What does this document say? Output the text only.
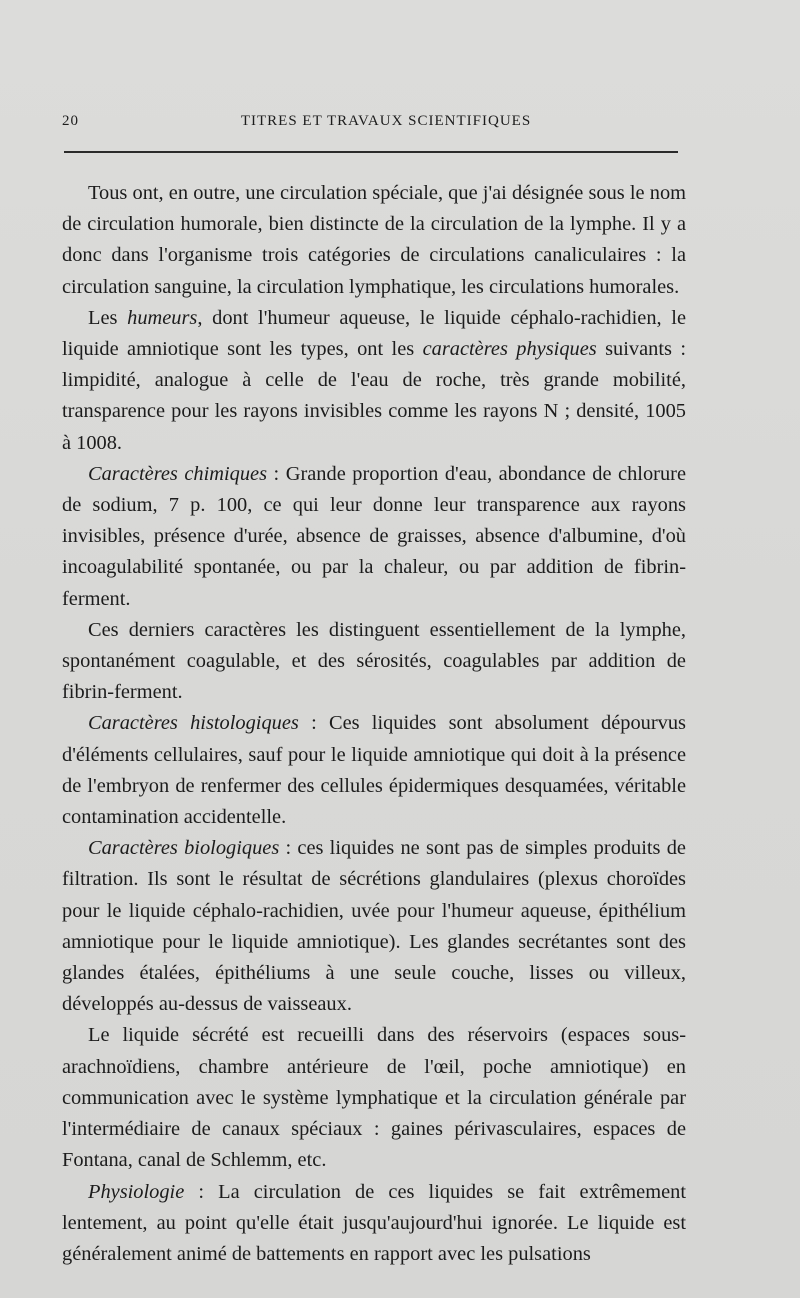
20	TITRES ET TRAVAUX SCIENTIFIQUES

Tous ont, en outre, une circulation spéciale, que j'ai désignée sous le nom de circulation humorale, bien distincte de la circulation de la lymphe. Il y a donc dans l'organisme trois catégories de circulations canaliculaires : la circulation sanguine, la circulation lymphatique, les circulations humorales.

Les humeurs, dont l'humeur aqueuse, le liquide céphalo-rachidien, le liquide amniotique sont les types, ont les caractères physiques suivants : limpidité, analogue à celle de l'eau de roche, très grande mobilité, transparence pour les rayons invisibles comme les rayons N ; densité, 1005 à 1008.

Caractères chimiques : Grande proportion d'eau, abondance de chlorure de sodium, 7 p. 100, ce qui leur donne leur transparence aux rayons invisibles, présence d'urée, absence de graisses, absence d'albumine, d'où incoagulabilité spontanée, ou par la chaleur, ou par addition de fibrin-ferment.

Ces derniers caractères les distinguent essentiellement de la lymphe, spontanément coagulable, et des sérosités, coagulables par addition de fibrin-ferment.

Caractères histologiques : Ces liquides sont absolument dépourvus d'éléments cellulaires, sauf pour le liquide amniotique qui doit à la présence de l'embryon de renfermer des cellules épidermiques desquamées, véritable contamination accidentelle.

Caractères biologiques : ces liquides ne sont pas de simples produits de filtration. Ils sont le résultat de sécrétions glandulaires (plexus choroïdes pour le liquide céphalo-rachidien, uvée pour l'humeur aqueuse, épithélium amniotique pour le liquide amniotique). Les glandes secrétantes sont des glandes étalées, épithéliums à une seule couche, lisses ou villeux, développés au-dessus de vaisseaux.

Le liquide sécrété est recueilli dans des réservoirs (espaces sous-arachnoïdiens, chambre antérieure de l'œil, poche amniotique) en communication avec le système lymphatique et la circulation générale par l'intermédiaire de canaux spéciaux : gaines périvasculaires, espaces de Fontana, canal de Schlemm, etc.

Physiologie : La circulation de ces liquides se fait extrêmement lentement, au point qu'elle était jusqu'aujourd'hui ignorée. Le liquide est généralement animé de battements en rapport avec les pulsations
